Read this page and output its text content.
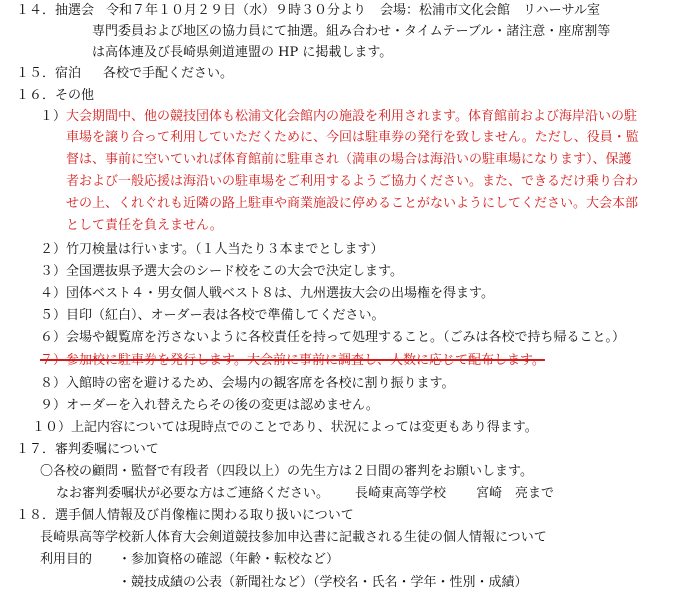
１４．抽選会 令和７年１０月２９日（水）９時３０分より 会場：松浦市文化会館　リハーサル室
専門委員および地区の協力員にて抽選。組み合わせ・タイムテーブル・諸注意・座席割等
は高体連及び長崎県剣道連盟の HP に掲載します。
１５．宿泊 各校で手配ください。
１６．その他
１） 大会期間中、他の競技団体も松浦文化会館内の施設を利用されます。体育館前および海岸沿いの駐
車場を譲り合って利用していただくために、今回は駐車券の発行を致しません。ただし、役員・監
督は、事前に空いていれば体育館前に駐車され（満車の場合は海沿いの駐車場になります）、保護
者および一般応援は海沿いの駐車場をご利用するようご協力ください。また、できるだけ乗り合わ
せの上、くれぐれも近隣の路上駐車や商業施設に停めることがないようにしてください。大会本部
として責任を負えません。
２）竹刀検量は行います。（１人当たり３本までとします）
３）全国選抜県予選大会のシード校をこの大会で決定します。
４）団体ベスト４・男女個人戦ベスト８は、九州選抜大会の出場権を得ます。
５）目印（紅白）、オーダー表は各校で準備してください。
６）会場や観覧席を汚さないように各校責任を持って処理すること。（ごみは各校で持ち帰ること。）
７）参加校に駐車券を発行します。大会前に事前に調査し、人数に応じて配布します。
８）入館時の密を避けるため、会場内の観客席を各校に割り振ります。
９）オーダーを入れ替えたらその後の変更は認めません。
１０）上記内容については現時点でのことであり、状況によっては変更もあり得ます。
１７．審判委嘱について
〇各校の顧問・監督で有段者（四段以上）の先生方は２日間の審判をお願いします。
なお審判委嘱状が必要な方はご連絡ください。 長崎東高等学校 宮崎　亮まで
１８．選手個人情報及び肖像権に関わる取り扱いについて
長崎県高等学校新人体育大会剣道競技参加申込書に記載される生徒の個人情報について
利用目的 ・参加資格の確認（年齢・転校など）
・競技成績の公表（新聞社など）（学校名・氏名・学年・性別・成績）
